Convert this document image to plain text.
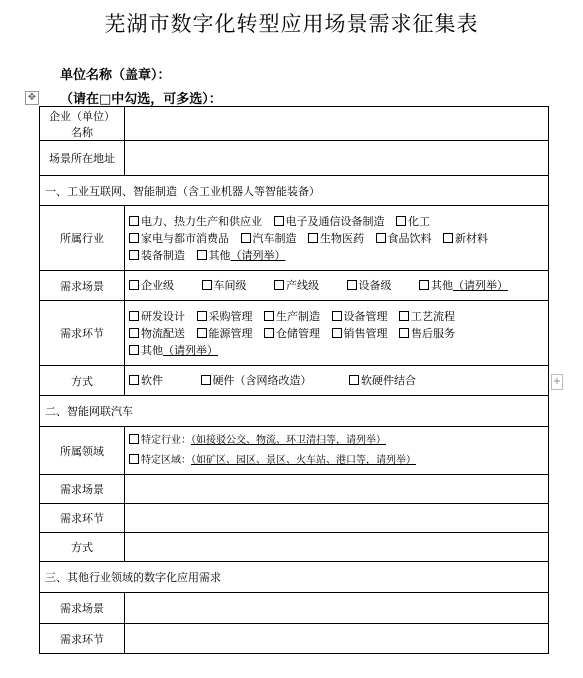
芜湖市数字化转型应用场景需求征集表
单位名称（盖章）：
✥ （请在□中勾选，可多选）：
+
企业（单位）名称	
场景所在地址	
一、工业互联网、智能制造（含工业机器人等智能装备）	
所属行业	电力、热力生产和供应业 电子及通信设备制造 化工
家电与都市消费品 汽车制造 生物医药 食品饮料 新材料
装备制造 其他（请列举）

需求场景	企业级 车间级 产线级 设备级 其他（请列举）

需求环节	研发设计 采购管理 生产制造 设备管理 工艺流程
物流配送 能源管理 仓储管理 销售管理 售后服务
其他（请列举）

方式	软件 硬件（含网络改造） 软硬件结合

二、智能网联汽车	
所属领域	特定行业：（如接驳公交、物流、环卫清扫等，请列举）
特定区域：（如矿区、园区、景区、火车站、港口等，请列举）

需求场景	
需求环节	
方式	
三、其他行业领域的数字化应用需求	
需求场景	
需求环节	
